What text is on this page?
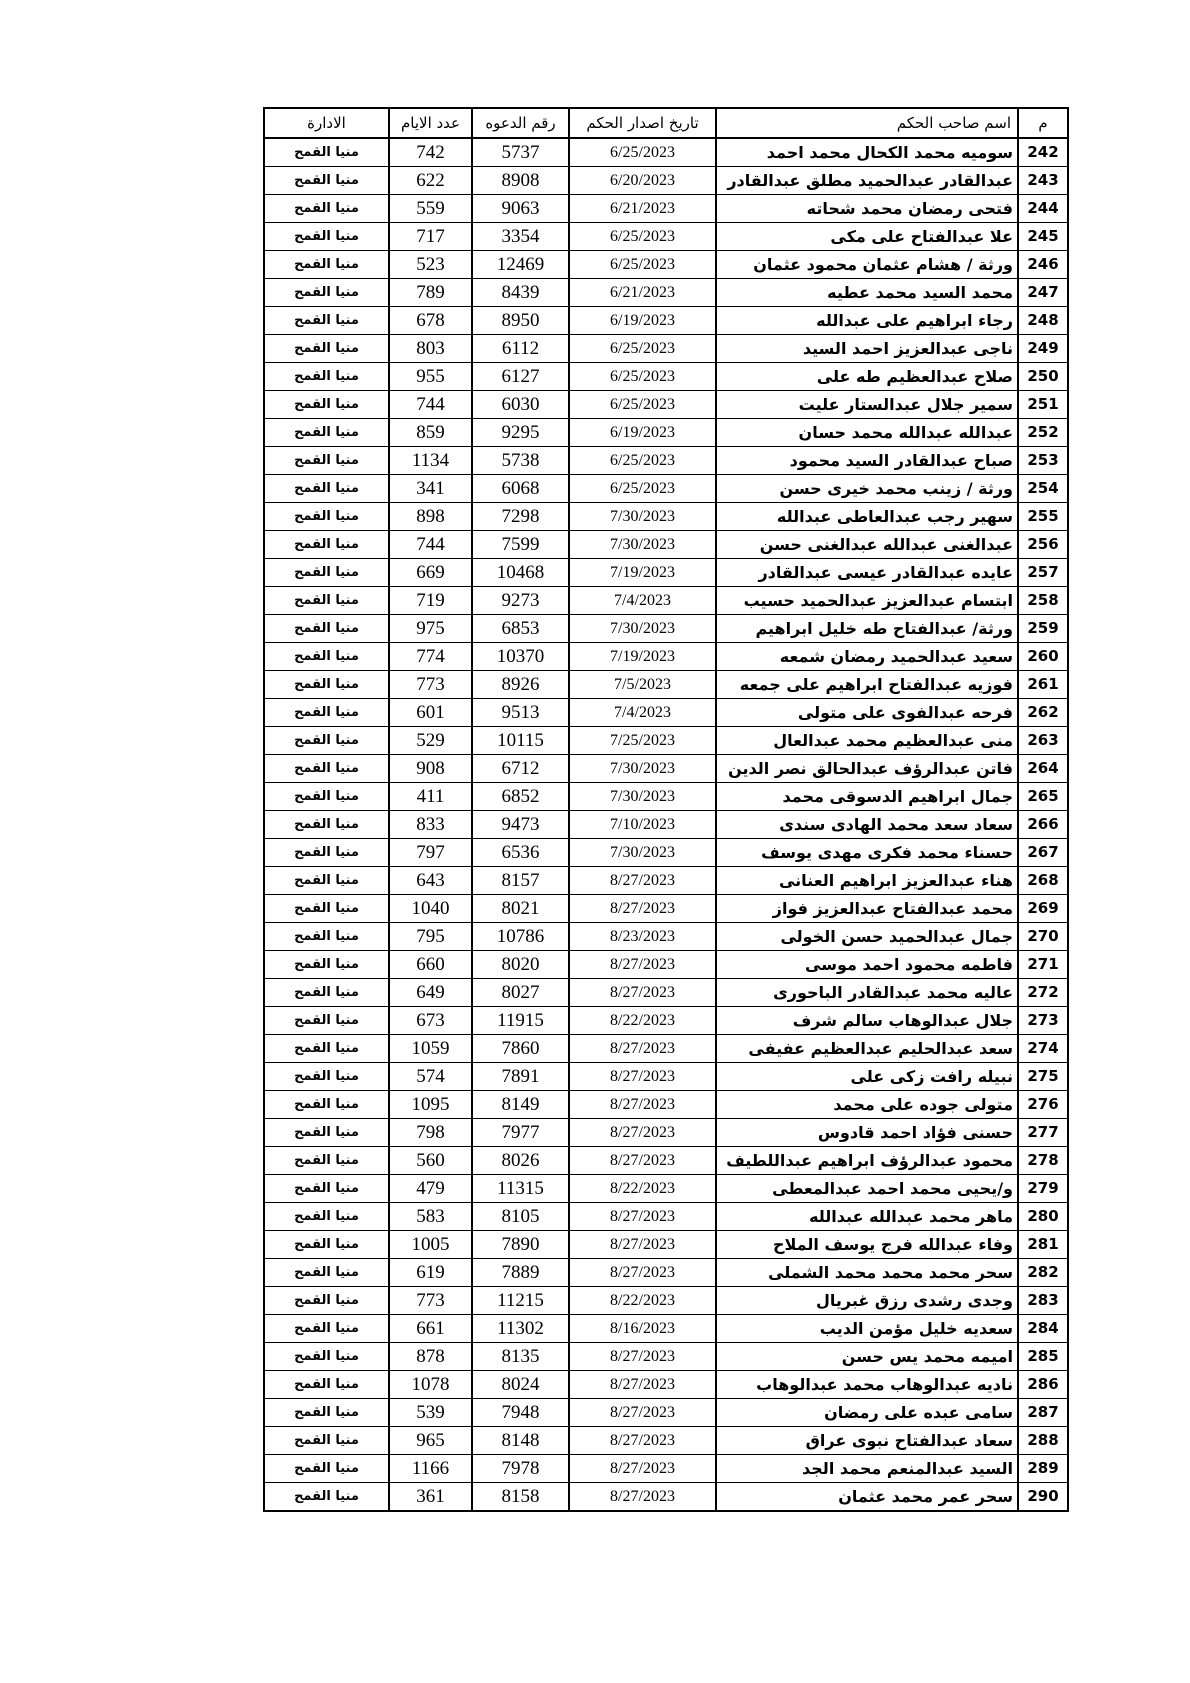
م	اسم صاحب الحكم	تاريخ اصدار الحكم	رقم الدعوه	عدد الايام	الادارة
242	سوميه محمد الكحال محمد احمد	6/25/2023	5737	742	منيا القمح
243	عبدالقادر عبدالحميد مطلق عبدالقادر	6/20/2023	8908	622	منيا القمح
244	فتحى رمضان محمد شحاته	6/21/2023	9063	559	منيا القمح
245	علا عبدالفتاح على مكى	6/25/2023	3354	717	منيا القمح
246	ورثة / هشام عثمان محمود عثمان	6/25/2023	12469	523	منيا القمح
247	محمد السيد محمد عطيه	6/21/2023	8439	789	منيا القمح
248	رجاء ابراهيم على عبدالله	6/19/2023	8950	678	منيا القمح
249	ناجى عبدالعزيز احمد السيد	6/25/2023	6112	803	منيا القمح
250	صلاح عبدالعظيم طه على	6/25/2023	6127	955	منيا القمح
251	سمير جلال عبدالستار عليت	6/25/2023	6030	744	منيا القمح
252	عبدالله عبدالله محمد حسان	6/19/2023	9295	859	منيا القمح
253	صباح عبدالقادر السيد محمود	6/25/2023	5738	1134	منيا القمح
254	ورثة / زينب محمد خيرى حسن	6/25/2023	6068	341	منيا القمح
255	سهير رجب عبدالعاطى عبدالله	7/30/2023	7298	898	منيا القمح
256	عبدالغنى عبدالله عبدالغنى حسن	7/30/2023	7599	744	منيا القمح
257	عايده عبدالقادر عيسى عبدالقادر	7/19/2023	10468	669	منيا القمح
258	ابتسام عبدالعزيز عبدالحميد حسيب	7/4/2023	9273	719	منيا القمح
259	ورثة/ عبدالفتاح طه خليل ابراهيم	7/30/2023	6853	975	منيا القمح
260	سعيد عبدالحميد رمضان شمعه	7/19/2023	10370	774	منيا القمح
261	فوزيه عبدالفتاح ابراهيم على جمعه	7/5/2023	8926	773	منيا القمح
262	فرحه عبدالفوى على متولى	7/4/2023	9513	601	منيا القمح
263	منى عبدالعظيم محمد عبدالعال	7/25/2023	10115	529	منيا القمح
264	فاتن عبدالرؤف عبدالحالق نصر الدين	7/30/2023	6712	908	منيا القمح
265	جمال ابراهيم الدسوقى محمد	7/30/2023	6852	411	منيا القمح
266	سعاد سعد محمد الهادى سندى	7/10/2023	9473	833	منيا القمح
267	حسناء محمد فكرى مهدى يوسف	7/30/2023	6536	797	منيا القمح
268	هناء عبدالعزيز ابراهيم العنانى	8/27/2023	8157	643	منيا القمح
269	محمد عبدالفتاح عبدالعزيز فواز	8/27/2023	8021	1040	منيا القمح
270	جمال عبدالحميد حسن الخولى	8/23/2023	10786	795	منيا القمح
271	فاطمه محمود احمد موسى	8/27/2023	8020	660	منيا القمح
272	عاليه محمد عبدالقادر الباحورى	8/27/2023	8027	649	منيا القمح
273	جلال عبدالوهاب سالم شرف	8/22/2023	11915	673	منيا القمح
274	سعد عبدالحليم عبدالعظيم عفيفى	8/27/2023	7860	1059	منيا القمح
275	نبيله رافت زكى على	8/27/2023	7891	574	منيا القمح
276	متولى جوده على محمد	8/27/2023	8149	1095	منيا القمح
277	حسنى فؤاد احمد قادوس	8/27/2023	7977	798	منيا القمح
278	محمود عبدالرؤف ابراهيم عبداللطيف	8/27/2023	8026	560	منيا القمح
279	و/يحيى محمد احمد عبدالمعطى	8/22/2023	11315	479	منيا القمح
280	ماهر محمد عبدالله عبدالله	8/27/2023	8105	583	منيا القمح
281	وفاء عبدالله فرج يوسف الملاح	8/27/2023	7890	1005	منيا القمح
282	سحر محمد محمد محمد الشملى	8/27/2023	7889	619	منيا القمح
283	وجدى رشدى رزق غبريال	8/22/2023	11215	773	منيا القمح
284	سعديه خليل مؤمن الديب	8/16/2023	11302	661	منيا القمح
285	اميمه محمد يس حسن	8/27/2023	8135	878	منيا القمح
286	ناديه عبدالوهاب محمد عبدالوهاب	8/27/2023	8024	1078	منيا القمح
287	سامى عبده على رمضان	8/27/2023	7948	539	منيا القمح
288	سعاد عبدالفتاح نبوى عراق	8/27/2023	8148	965	منيا القمح
289	السيد عبدالمنعم محمد الجد	8/27/2023	7978	1166	منيا القمح
290	سحر عمر محمد عثمان	8/27/2023	8158	361	منيا القمح
